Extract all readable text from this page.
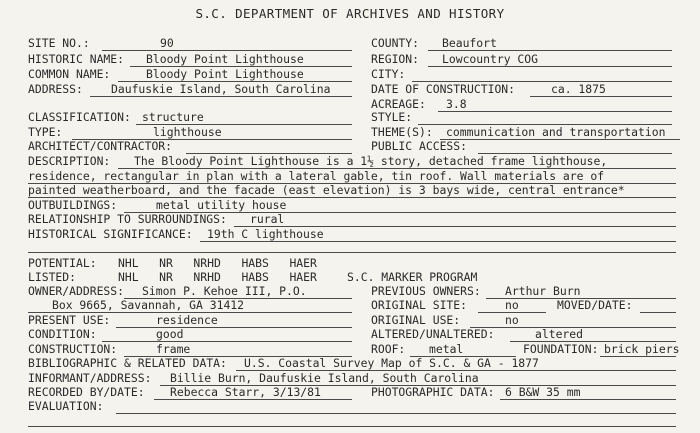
S.C. DEPARTMENT OF ARCHIVES AND HISTORY
SITE NO.:	90	COUNTY: Beaufort
HISTORIC NAME: Bloody Point Lighthouse	REGION: Lowcountry COG
COMMON NAME:	Bloody Point Lighthouse	CITY:
ADDRESS: Daufuskie Island, South Carolina	DATE OF CONSTRUCTION:	ca. 1875
ACREAGE: 3.8
CLASSIFICATION: structure	STYLE:
TYPE:	lighthouse	THEME(S): communication and transportation
ARCHITECT/CONTRACTOR:	PUBLIC ACCESS:
DESCRIPTION: The Bloody Point Lighthouse is a 1½ story, detached frame lighthouse,
residence, rectangular in plan with a lateral gable, tin roof. Wall materials are of
painted weatherboard, and the facade (east elevation) is 3 bays wide, central entrance*
OUTBUILDINGS:	metal utility house
RELATIONSHIP TO SURROUNDINGS: rural
HISTORICAL SIGNIFICANCE: 19th C lighthouse
POTENTIAL: NHL   NR   NRHD   HABS   HAER
LISTED:	NHL   NR   NRHD   HABS   HAER	S.C. MARKER PROGRAM
OWNER/ADDRESS: Simon P. Kehoe III, P.O.	PREVIOUS OWNERS: Arthur Burn
Box 9665, Savannah, GA 31412	ORIGINAL SITE:	no	MOVED/DATE:
PRESENT USE:	residence	ORIGINAL USE:	no
CONDITION:	good	ALTERED/UNALTERED:	altered
CONSTRUCTION:	frame	ROOF: metal	FOUNDATION: brick piers
BIBLIOGRAPHIC & RELATED DATA: U.S. Coastal Survey Map of S.C. & GA - 1877
INFORMANT/ADDRESS: Billie Burn, Daufuskie Island, South Carolina
RECORDED BY/DATE: Rebecca Starr, 3/13/81	PHOTOGRAPHIC DATA: 6 B&W 35 mm
EVALUATION:
